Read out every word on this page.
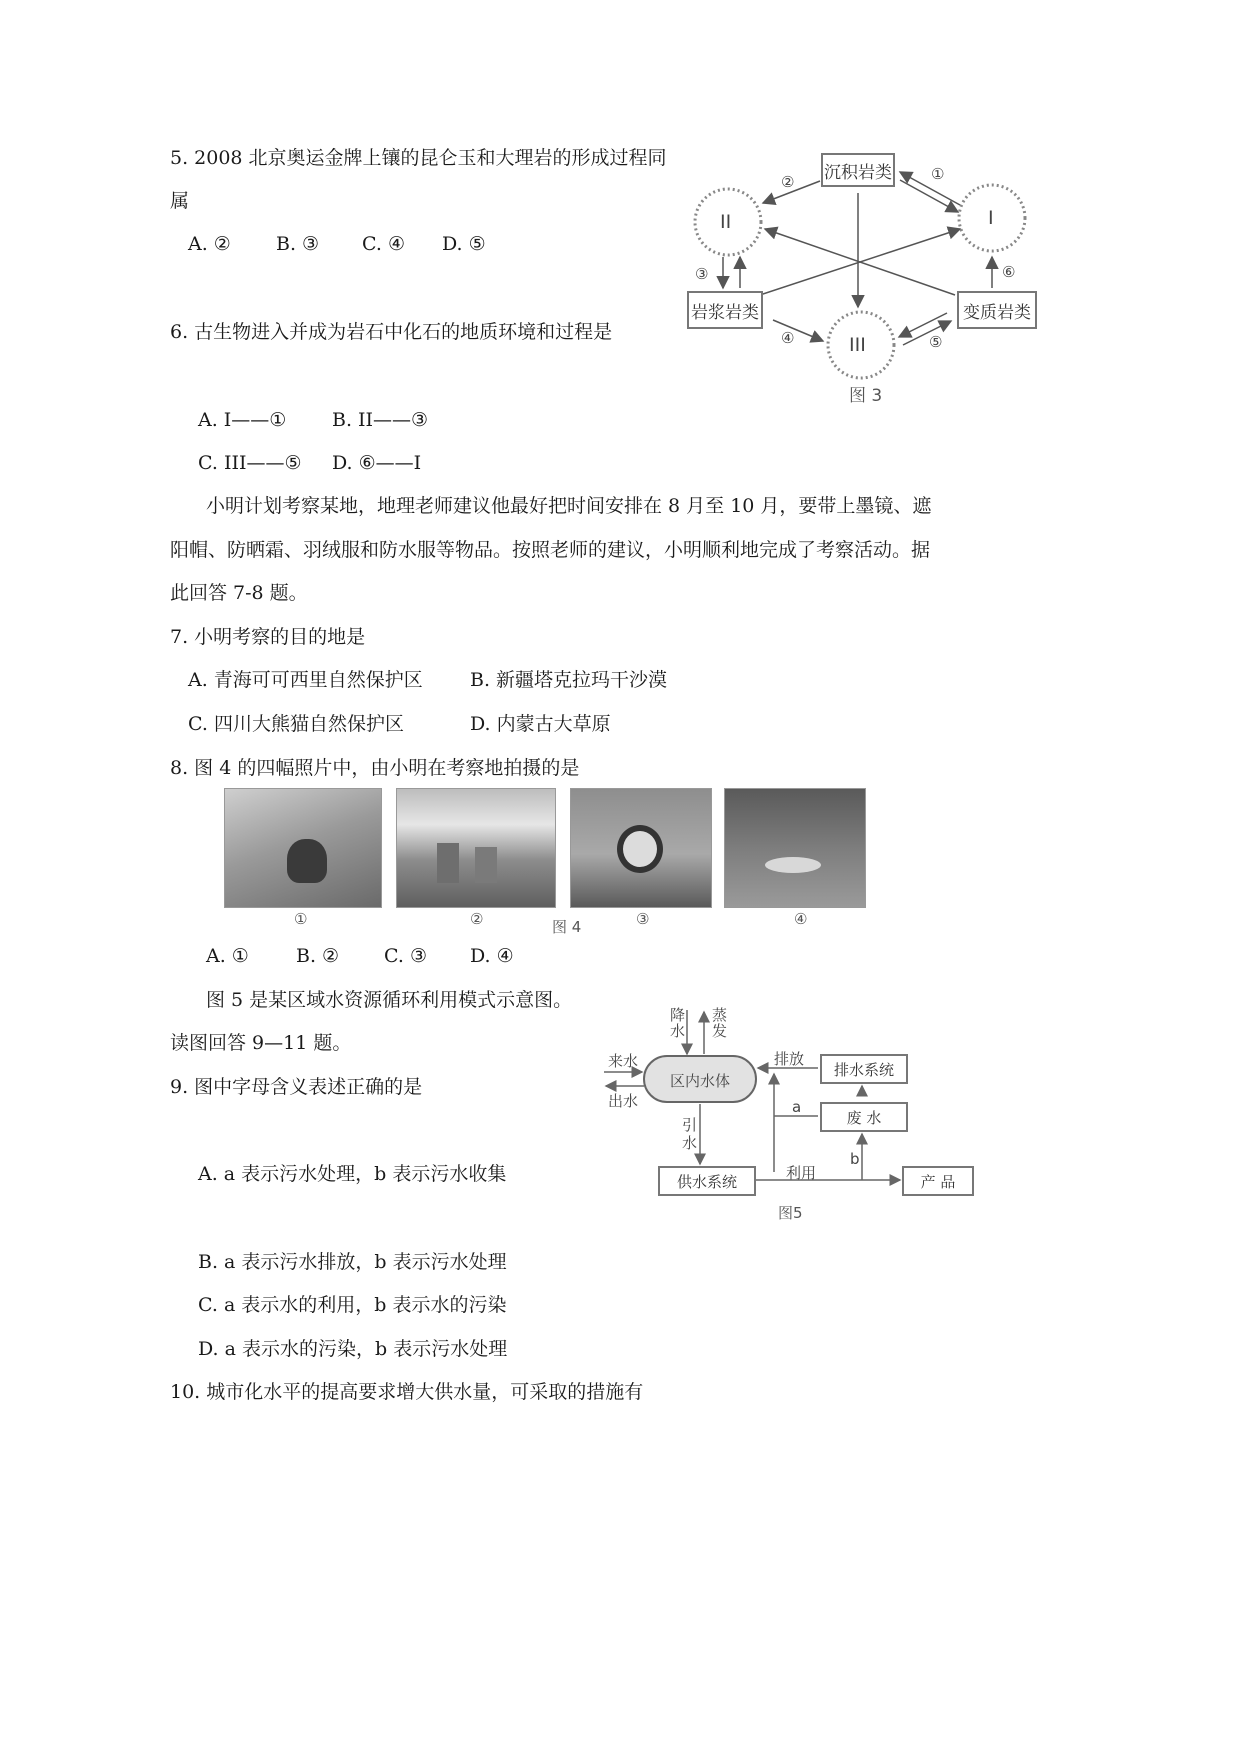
5. 2008 北京奥运金牌上镶的昆仑玉和大理岩的形成过程同
属
A. ② B. ③ C. ④ D. ⑤
沉积岩类
岩浆岩类	变质岩类
II	I
III
②	①
③
④	⑤
⑥
图 3
6. 古生物进入并成为岩石中化石的地质环境和过程是
A. I——① B. II——③
C. III——⑤ D. ⑥——I
小明计划考察某地，地理老师建议他最好把时间安排在 8 月至 10 月，要带上墨镜、遮
阳帽、防晒霜、羽绒服和防水服等物品。按照老师的建议，小明顺利地完成了考察活动。据
此回答 7-8 题。
7. 小明考察的目的地是
A. 青海可可西里自然保护区 B. 新疆塔克拉玛干沙漠
C. 四川大熊猫自然保护区	D. 内蒙古大草原
8. 图 4 的四幅照片中，由小明在考察地拍摄的是
①	②	③	④
图 4
A. ① B. ② C. ③ D. ④
图 5 是某区域水资源循环利用模式示意图。
读图回答 9—11 题。
9. 图中字母含义表述正确的是
A. a 表示污水处理，b 表示污水收集
B. a 表示污水排放，b 表示污水处理
C. a 表示水的利用，b 表示水的污染
D. a 表示水的污染，b 表示污水处理
降
水
蒸
发
来水
出水
区内水体
排放
排水系统
废 水
a
引
水
b
供水系统	利用	产 品
图5
10. 城市化水平的提高要求增大供水量，可采取的措施有
